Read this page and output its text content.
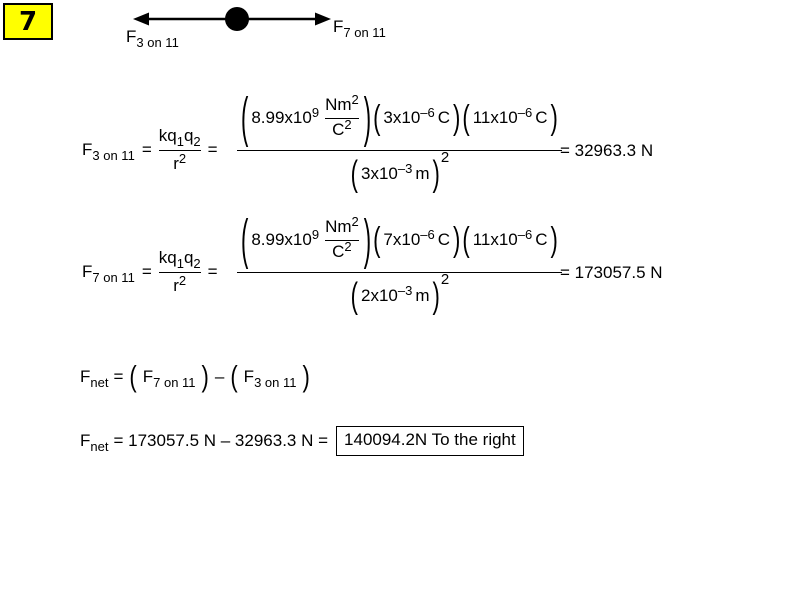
7	F 3 on 11
F 7 on 11
F 3 on 11 =
kq 1 q 2
r 2 =
( 8.99x10 9 Nm 2
C 2 ) ( 3x10 –6 C ) ( 11x10 –6 C )
( 3x10 –3 m ) 2	= 32963.3 N
F 7 on 11 =
kq 1 q 2
r 2 =
( 8.99x10 9 Nm 2
C 2 ) ( 7x10 –6 C ) ( 11x10 –6 C )
( 2x10 –3 m ) 2	= 173057.5 N
F net = ( F 7 on 11 ) – ( F 3 on 11 )
F net = 173057.5 N – 32963.3 N = 140094.2N To the right
